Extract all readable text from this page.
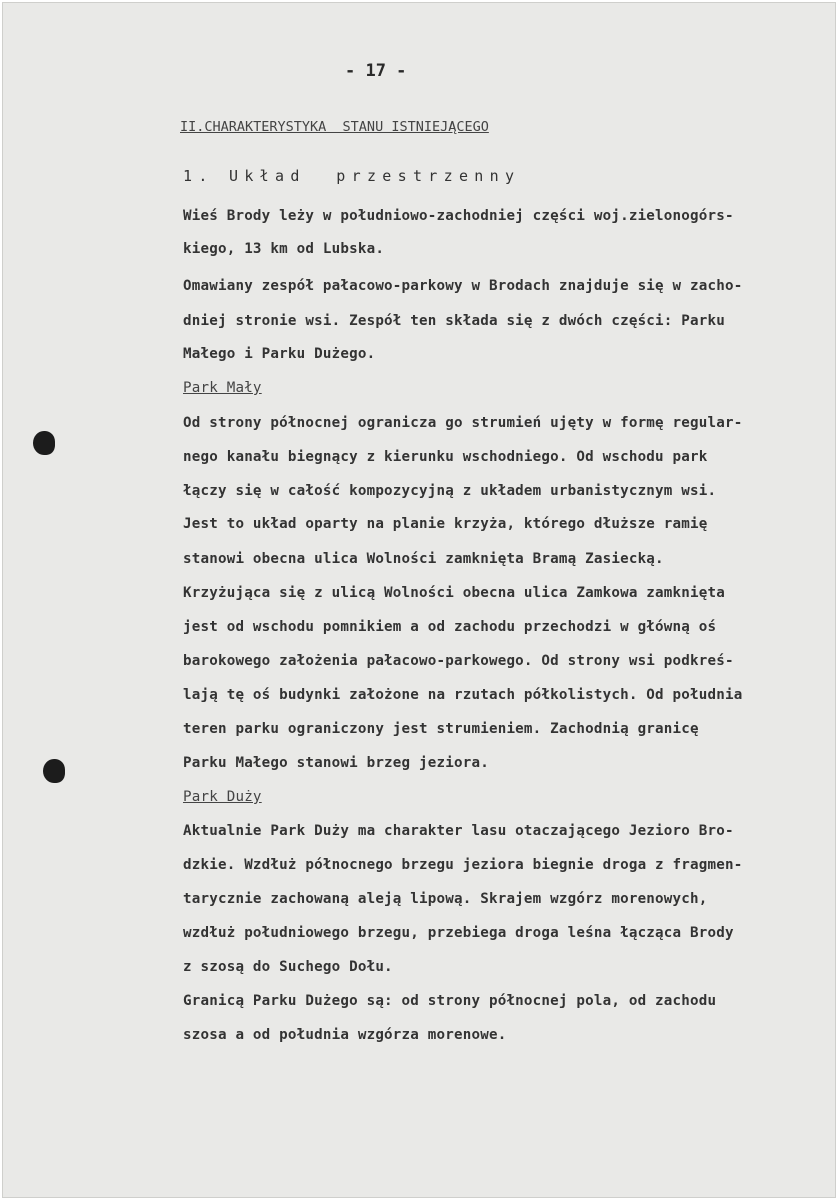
- 17 -
II.CHARAKTERYSTYKA  STANU ISTNIEJĄCEGO
1. Układ  przestrzenny
Wieś Brody leży w południowo-zachodniej części woj.zielonogórs-
kiego, 13 km od Lubska.
Omawiany zespół pałacowo-parkowy w Brodach znajduje się w zacho-
dniej stronie wsi. Zespół ten składa się z dwóch części: Parku
Małego i Parku Dużego.
Park Mały
Od strony północnej ogranicza go strumień ujęty w formę regular-
nego kanału biegnący z kierunku wschodniego. Od wschodu park
łączy się w całość kompozycyjną z układem urbanistycznym wsi.
Jest to układ oparty na planie krzyża, którego dłuższe ramię
stanowi obecna ulica Wolności zamknięta Bramą Zasiecką.
Krzyżująca się z ulicą Wolności obecna ulica Zamkowa zamknięta
jest od wschodu pomnikiem a od zachodu przechodzi w główną oś
barokowego założenia pałacowo-parkowego. Od strony wsi podkreś-
lają tę oś budynki założone na rzutach półkolistych. Od południa
teren parku ograniczony jest strumieniem. Zachodnią granicę
Parku Małego stanowi brzeg jeziora.
Park Duży
Aktualnie Park Duży ma charakter lasu otaczającego Jezioro Bro-
dzkie. Wzdłuż północnego brzegu jeziora biegnie droga z fragmen-
tarycznie zachowaną aleją lipową. Skrajem wzgórz morenowych,
wzdłuż południowego brzegu, przebiega droga leśna łącząca Brody
z szosą do Suchego Dołu.
Granicą Parku Dużego są: od strony północnej pola, od zachodu
szosa a od południa wzgórza morenowe.
